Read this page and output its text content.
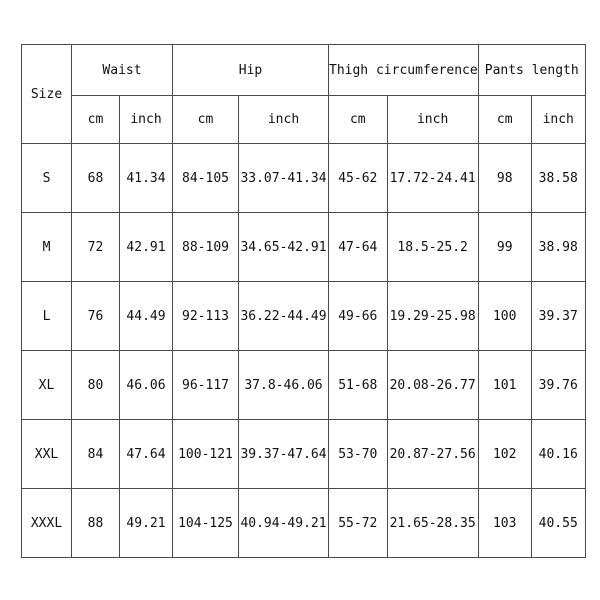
Size	Waist		Hip		Thigh circumference		Pants length	
	cm	inch	cm	inch	cm	inch	cm	inch
S	68	41.34	84-105	33.07-41.34	45-62	17.72-24.41	98	38.58
M	72	42.91	88-109	34.65-42.91	47-64	18.5-25.2	99	38.98
L	76	44.49	92-113	36.22-44.49	49-66	19.29-25.98	100	39.37
XL	80	46.06	96-117	37.8-46.06	51-68	20.08-26.77	101	39.76
XXL	84	47.64	100-121	39.37-47.64	53-70	20.87-27.56	102	40.16
XXXL	88	49.21	104-125	40.94-49.21	55-72	21.65-28.35	103	40.55
